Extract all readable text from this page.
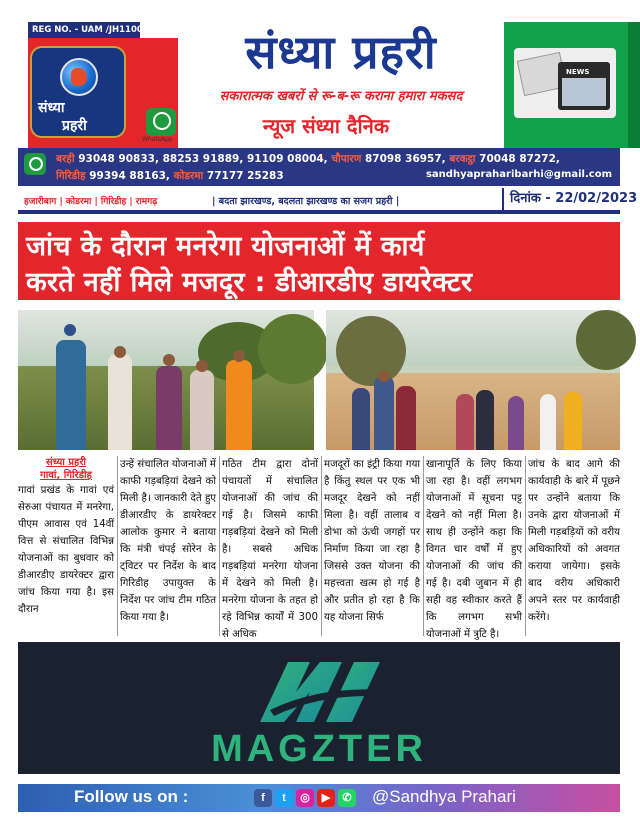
REG NO. - UAM /JH110005169
संध्या
प्रहरी
संध्या प्रहरी
सकारात्मक खबरों से रू-ब-रू कराना हमारा मकसद
WhatsApp
न्यूज संध्या दैनिक
NEWS
बरही 93048 90833, 88253 91889, 91109 08004, चौपारण 87098 36957, बरकट्ठा 70048 87272,
गिरिडीह 99394 88163, कोडरमा 77177 25283	sandhyapraharibarhi@gmail.com
हजारीबाग | कोडरमा | गिरिडीह | रामगढ़	| बदता झारखण्ड, बदलता झारखण्ड का सजग प्रहरी |	दिनांक - 22/02/2023
जांच के दौरान मनरेगा योजनाओं में कार्य
करते नहीं मिले मजदूर : डीआरडीए डायरेक्टर
संध्या प्रहरी
गावां, गिरिडीह
गावां प्रखंड के गावां एवं सेरुआ पंचायत में मनरेगा, पीएम आवास एवं 14वीं वित्त से संचालित विभिन्न योजनाओं का बुधवार को डीआरडीए डायरेक्टर द्वारा जांच किया गया है। इस दौरान
उन्हें संचालित योजनाओं में काफी गड़बड़ियां देखने को मिली है। जानकारी देते हुए डीआरडीए के डायरेक्टर आलोक कुमार ने बताया कि मंत्री चंपई सोरेन के ट्विटर पर निर्देश के बाद गिरिडीह उपायुक्त के निर्देश पर जांच टीम गठित किया गया है।
गठित टीम द्वारा दोनों पंचायतों में संचालित योजनाओं की जांच की गई है। जिसमे काफी गड़बड़ियां देखने को मिली है। सबसे अधिक गड़बड़ियां मनरेगा योजना में देखने को मिली है। मनरेगा योजना के तहत हो रहे विभिन्न कार्यों में 300 से अधिक
मजदूरों का इंट्री किया गया है किंतु स्थल पर एक भी मजदूर देखने को नहीं मिला है। वहीं तालाब व डोभा को ऊंची जगहों पर निर्माण किया जा रहा है जिससे उक्त योजना की महत्त्वता खत्म हो गई है और प्रतीत हो रहा है कि यह योजना सिर्फ
खानापूर्ति के लिए किया जा रहा है। वहीं लगभग योजनाओं में सूचना पट्ट देखने को नहीं मिला है। साथ ही उन्होंने कहा कि विगत चार वर्षों में हुए योजनाओं की जांच की गई है। दबी जुबान में ही सही वह स्वीकार करते हैं कि लगभग सभी योजनाओं में त्रुटि है।
जांच के बाद आगे की कार्यवाही के बारे में पूछने पर उन्होंने बताया कि उनके द्वारा योजनाओं में मिली गड़बड़ियों को वरीय अधिकारियों को अवगत कराया जायेगा। इसके बाद वरीय अधिकारी अपने स्तर पर कार्यवाही करेंगे।
MAGZTER
Follow us on :	f	t	◎	▶	✆ @Sandhya Prahari
